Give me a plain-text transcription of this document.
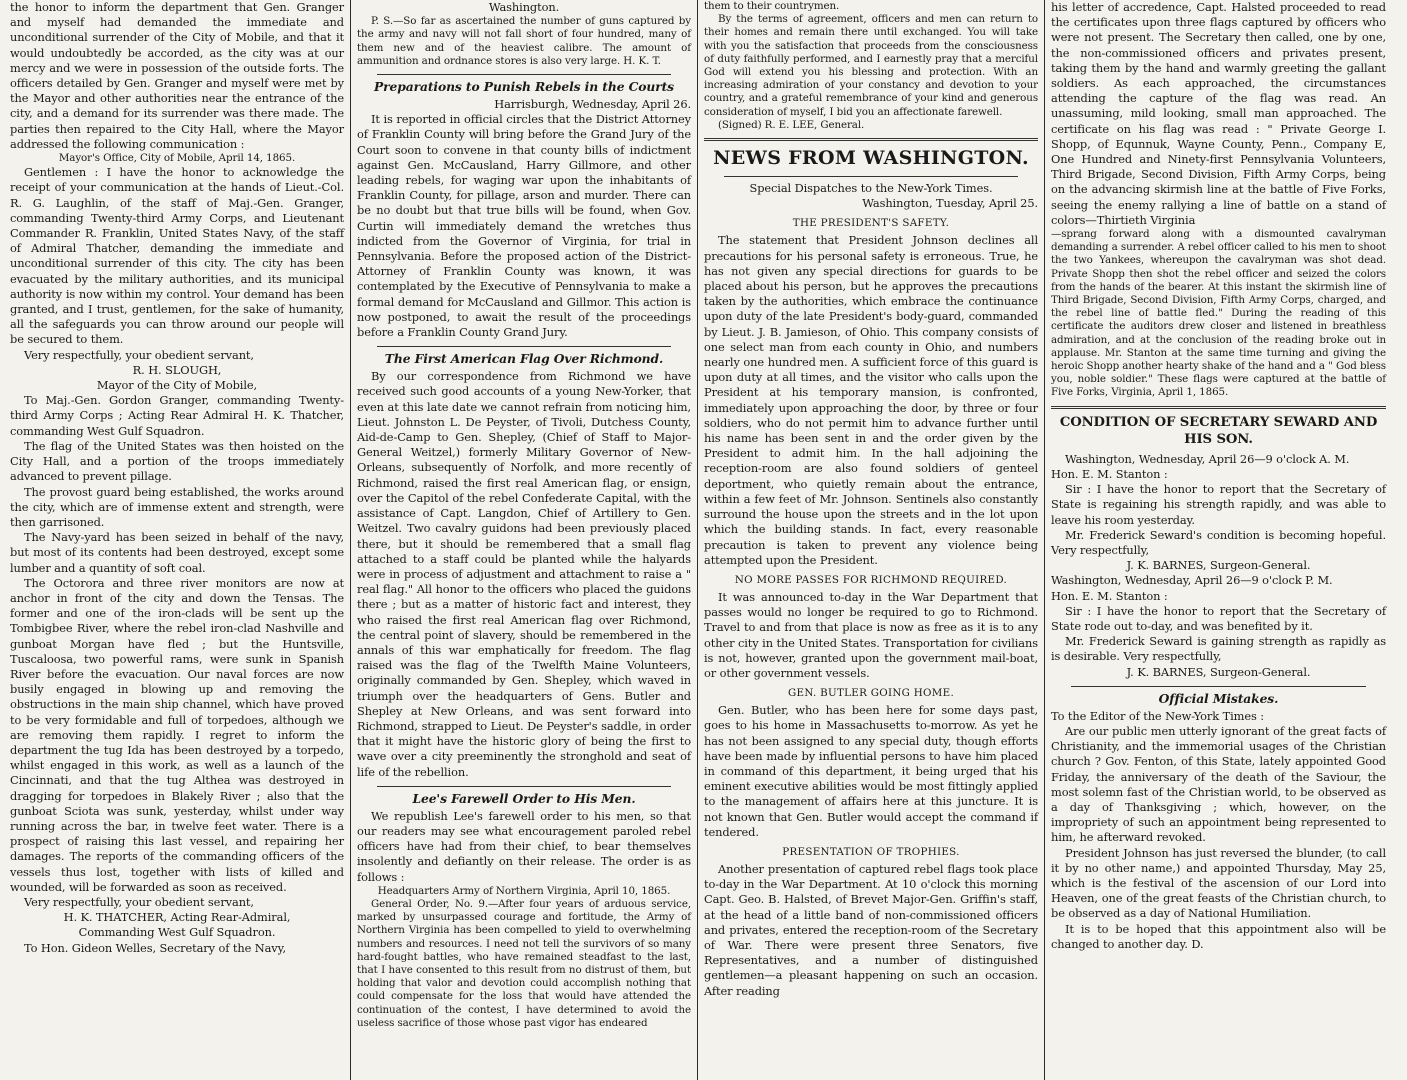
the honor to inform the department that Gen. Granger and myself had demanded the immediate and unconditional surrender of the City of Mobile, and that it would undoubtedly be accorded, as the city was at our mercy and we were in possession of the outside forts. The officers detailed by Gen. Granger and myself were met by the Mayor and other authorities near the entrance of the city, and a demand for its surrender was there made. The parties then repaired to the City Hall, where the Mayor addressed the following communication :

Mayor's Office, City of Mobile, April 14, 1865.

Gentlemen : I have the honor to acknowledge the receipt of your communication at the hands of Lieut.-Col. R. G. Laughlin, of the staff of Maj.-Gen. Granger, commanding Twenty-third Army Corps, and Lieutenant Commander R. Franklin, United States Navy, of the staff of Admiral Thatcher, demanding the immediate and unconditional surrender of this city. The city has been evacuated by the military authorities, and its municipal authority is now within my control. Your demand has been granted, and I trust, gentlemen, for the sake of humanity, all the safeguards you can throw around our people will be secured to them.

Very respectfully, your obedient servant,

R. H. SLOUGH,

Mayor of the City of Mobile,

To Maj.-Gen. Gordon Granger, commanding Twenty-third Army Corps ; Acting Rear Admiral H. K. Thatcher, commanding West Gulf Squadron.

The flag of the United States was then hoisted on the City Hall, and a portion of the troops immediately advanced to prevent pillage.

The provost guard being established, the works around the city, which are of immense extent and strength, were then garrisoned.

The Navy-yard has been seized in behalf of the navy, but most of its contents had been destroyed, except some lumber and a quantity of soft coal.

The Octorora and three river monitors are now at anchor in front of the city and down the Tensas. The former and one of the iron-clads will be sent up the Tombigbee River, where the rebel iron-clad Nashville and gunboat Morgan have fled ; but the Huntsville, Tuscaloosa, two powerful rams, were sunk in Spanish River before the evacuation. Our naval forces are now busily engaged in blowing up and removing the obstructions in the main ship channel, which have proved to be very formidable and full of torpedoes, although we are removing them rapidly. I regret to inform the department the tug Ida has been destroyed by a torpedo, whilst engaged in this work, as well as a launch of the Cincinnati, and that the tug Althea was destroyed in dragging for torpedoes in Blakely River ; also that the gunboat Sciota was sunk, yesterday, whilst under way running across the bar, in twelve feet water. There is a prospect of raising this last vessel, and repairing her damages. The reports of the commanding officers of the vessels thus lost, together with lists of killed and wounded, will be forwarded as soon as received.

Very respectfully, your obedient servant,

H. K. THATCHER, Acting Rear-Admiral,

Commanding West Gulf Squadron.

To Hon. Gideon Welles, Secretary of the Navy,

Washington.

P. S.—So far as ascertained the number of guns captured by the army and navy will not fall short of four hundred, many of them new and of the heaviest calibre. The amount of ammunition and ordnance stores is also very large. H. K. T.

Preparations to Punish Rebels in the Courts

Harrisburgh, Wednesday, April 26.

It is reported in official circles that the District Attorney of Franklin County will bring before the Grand Jury of the Court soon to convene in that county bills of indictment against Gen. McCausland, Harry Gillmore, and other leading rebels, for waging war upon the inhabitants of Franklin County, for pillage, arson and murder. There can be no doubt but that true bills will be found, when Gov. Curtin will immediately demand the wretches thus indicted from the Governor of Virginia, for trial in Pennsylvania. Before the proposed action of the District-Attorney of Franklin County was known, it was contemplated by the Executive of Pennsylvania to make a formal demand for McCausland and Gillmor. This action is now postponed, to await the result of the proceedings before a Franklin County Grand Jury.

The First American Flag Over Richmond.

By our correspondence from Richmond we have received such good accounts of a young New-Yorker, that even at this late date we cannot refrain from noticing him, Lieut. Johnston L. De Peyster, of Tivoli, Dutchess County, Aid-de-Camp to Gen. Shepley, (Chief of Staff to Major-General Weitzel,) formerly Military Governor of New-Orleans, subsequently of Norfolk, and more recently of Richmond, raised the first real American flag, or ensign, over the Capitol of the rebel Confederate Capital, with the assistance of Capt. Langdon, Chief of Artillery to Gen. Weitzel. Two cavalry guidons had been previously placed there, but it should be remembered that a small flag attached to a staff could be planted while the halyards were in process of adjustment and attachment to raise a " real flag." All honor to the officers who placed the guidons there ; but as a matter of historic fact and interest, they who raised the first real American flag over Richmond, the central point of slavery, should be remembered in the annals of this war emphatically for freedom. The flag raised was the flag of the Twelfth Maine Volunteers, originally commanded by Gen. Shepley, which waved in triumph over the headquarters of Gens. Butler and Shepley at New Orleans, and was sent forward into Richmond, strapped to Lieut. De Peyster's saddle, in order that it might have the historic glory of being the first to wave over a city preeminently the stronghold and seat of life of the rebellion.

Lee's Farewell Order to His Men.

We republish Lee's farewell order to his men, so that our readers may see what encouragement paroled rebel officers have had from their chief, to bear themselves insolently and defiantly on their release. The order is as follows :

Headquarters Army of Northern Virginia, April 10, 1865.

General Order, No. 9.—After four years of arduous service, marked by unsurpassed courage and fortitude, the Army of Northern Virginia has been compelled to yield to overwhelming numbers and resources. I need not tell the survivors of so many hard-fought battles, who have remained steadfast to the last, that I have consented to this result from no distrust of them, but holding that valor and devotion could accomplish nothing that could compensate for the loss that would have attended the continuation of the contest, I have determined to avoid the useless sacrifice of those whose past vigor has endeared

them to their countrymen.

By the terms of agreement, officers and men can return to their homes and remain there until exchanged. You will take with you the satisfaction that proceeds from the consciousness of duty faithfully performed, and I earnestly pray that a merciful God will extend you his blessing and protection. With an increasing admiration of your constancy and devotion to your country, and a grateful remembrance of your kind and generous consideration of myself, I bid you an affectionate farewell.

(Signed) R. E. LEE, General.

NEWS FROM WASHINGTON.

Special Dispatches to the New-York Times.

Washington, Tuesday, April 25.

THE PRESIDENT'S SAFETY.

The statement that President Johnson declines all precautions for his personal safety is erroneous. True, he has not given any special directions for guards to be placed about his person, but he approves the precautions taken by the authorities, which embrace the continuance upon duty of the late President's body-guard, commanded by Lieut. J. B. Jamieson, of Ohio. This company consists of one select man from each county in Ohio, and numbers nearly one hundred men. A sufficient force of this guard is upon duty at all times, and the visitor who calls upon the President at his temporary mansion, is confronted, immediately upon approaching the door, by three or four soldiers, who do not permit him to advance further until his name has been sent in and the order given by the President to admit him. In the hall adjoining the reception-room are also found soldiers of genteel deportment, who quietly remain about the entrance, within a few feet of Mr. Johnson. Sentinels also constantly surround the house upon the streets and in the lot upon which the building stands. In fact, every reasonable precaution is taken to prevent any violence being attempted upon the President.

NO MORE PASSES FOR RICHMOND REQUIRED.

It was announced to-day in the War Department that passes would no longer be required to go to Richmond. Travel to and from that place is now as free as it is to any other city in the United States. Transportation for civilians is not, however, granted upon the government mail-boat, or other government vessels.

GEN. BUTLER GOING HOME.

Gen. Butler, who has been here for some days past, goes to his home in Massachusetts to-morrow. As yet he has not been assigned to any special duty, though efforts have been made by influential persons to have him placed in command of this department, it being urged that his eminent executive abilities would be most fittingly applied to the management of affairs here at this juncture. It is not known that Gen. Butler would accept the command if tendered.

PRESENTATION OF TROPHIES.

Another presentation of captured rebel flags took place to-day in the War Department. At 10 o'clock this morning Capt. Geo. B. Halsted, of Brevet Major-Gen. Griffin's staff, at the head of a little band of non-commissioned officers and privates, entered the reception-room of the Secretary of War. There were present three Senators, five Representatives, and a number of distinguished gentlemen—a pleasant happening on such an occasion. After reading

his letter of accredence, Capt. Halsted proceeded to read the certificates upon three flags captured by officers who were not present. The Secretary then called, one by one, the non-commissioned officers and privates present, taking them by the hand and warmly greeting the gallant soldiers. As each approached, the circumstances attending the capture of the flag was read. An unassuming, mild looking, small man approached. The certificate on his flag was read : " Private George I. Shopp, of Equnnuk, Wayne County, Penn., Company E, One Hundred and Ninety-first Pennsylvania Volunteers, Third Brigade, Second Division, Fifth Army Corps, being on the advancing skirmish line at the battle of Five Forks, seeing the enemy rallying a line of battle on a stand of colors—Thirtieth Virginia

—sprang forward along with a dismounted cavalryman demanding a surrender. A rebel officer called to his men to shoot the two Yankees, whereupon the cavalryman was shot dead. Private Shopp then shot the rebel officer and seized the colors from the hands of the bearer. At this instant the skirmish line of Third Brigade, Second Division, Fifth Army Corps, charged, and the rebel line of battle fled." During the reading of this certificate the auditors drew closer and listened in breathless admiration, and at the conclusion of the reading broke out in applause. Mr. Stanton at the same time turning and giving the heroic Shopp another hearty shake of the hand and a " God bless you, noble soldier." These flags were captured at the battle of Five Forks, Virginia, April 1, 1865.

CONDITION OF SECRETARY SEWARD AND HIS SON.

Washington, Wednesday, April 26—9 o'clock A. M.

Hon. E. M. Stanton :

Sir : I have the honor to report that the Secretary of State is regaining his strength rapidly, and was able to leave his room yesterday.

Mr. Frederick Seward's condition is becoming hopeful. Very respectfully,

J. K. BARNES, Surgeon-General.

Washington, Wednesday, April 26—9 o'clock P. M.

Hon. E. M. Stanton :

Sir : I have the honor to report that the Secretary of State rode out to-day, and was benefited by it.

Mr. Frederick Seward is gaining strength as rapidly as is desirable. Very respectfully,

J. K. BARNES, Surgeon-General.

Official Mistakes.

To the Editor of the New-York Times :

Are our public men utterly ignorant of the great facts of Christianity, and the immemorial usages of the Christian church ? Gov. Fenton, of this State, lately appointed Good Friday, the anniversary of the death of the Saviour, the most solemn fast of the Christian world, to be observed as a day of Thanksgiving ; which, however, on the impropriety of such an appointment being represented to him, he afterward revoked.

President Johnson has just reversed the blunder, (to call it by no other name,) and appointed Thursday, May 25, which is the festival of the ascension of our Lord into Heaven, one of the great feasts of the Christian church, to be observed as a day of National Humiliation.

It is to be hoped that this appointment also will be changed to another day. D.
